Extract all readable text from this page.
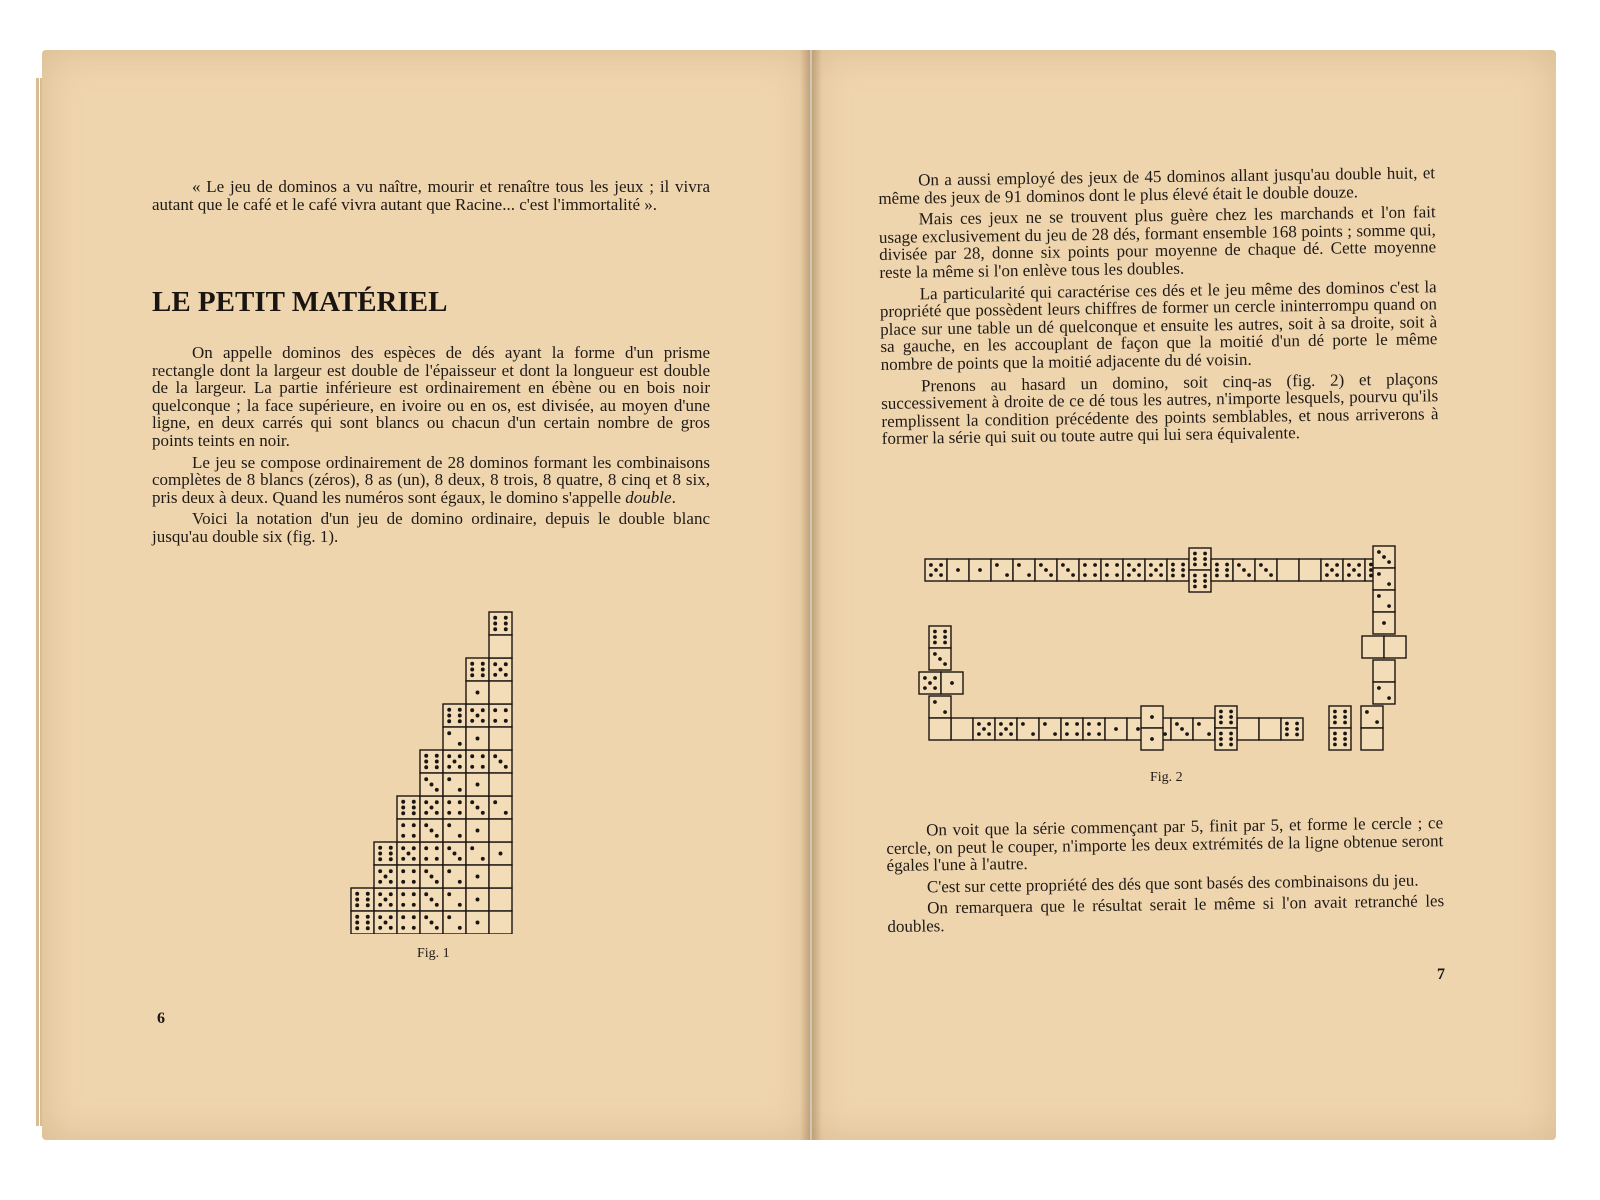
« Le jeu de dominos a vu naître, mourir et renaître tous les jeux ; il vivra autant que le café et le café vivra autant que Racine... c'est l'immortalité ».

LE PETIT MATÉRIEL

On appelle dominos des espèces de dés ayant la forme d'un prisme rectangle dont la largeur est double de l'épaisseur et dont la longueur est double de la largeur. La partie inférieure est ordinairement en ébène ou en bois noir quelconque ; la face supérieure, en ivoire ou en os, est divisée, au moyen d'une ligne, en deux carrés qui sont blancs ou chacun d'un certain nombre de gros points teints en noir.

Le jeu se compose ordinairement de 28 dominos formant les combinaisons complètes de 8 blancs (zéros), 8 as (un), 8 deux, 8 trois, 8 quatre, 8 cinq et 8 six, pris deux à deux. Quand les numéros sont égaux, le domino s'appelle double.

Voici la notation d'un jeu de domino ordinaire, depuis le double blanc jusqu'au double six (fig. 1).

Fig. 1
6

On a aussi employé des jeux de 45 dominos allant jusqu'au double huit, et même des jeux de 91 dominos dont le plus élevé était le double douze.

Mais ces jeux ne se trouvent plus guère chez les marchands et l'on fait usage exclusivement du jeu de 28 dés, formant ensemble 168 points ; somme qui, divisée par 28, donne six points pour moyenne de chaque dé. Cette moyenne reste la même si l'on enlève tous les doubles.

La particularité qui caractérise ces dés et le jeu même des dominos c'est la propriété que possèdent leurs chiffres de former un cercle ininterrompu quand on place sur une table un dé quelconque et ensuite les autres, soit à sa droite, soit à sa gauche, en les accouplant de façon que la moitié d'un dé porte le même nombre de points que la moitié adjacente du dé voisin.

Prenons au hasard un domino, soit cinq-as (fig. 2) et plaçons successivement à droite de ce dé tous les autres, n'importe lesquels, pourvu qu'ils remplissent la condition précédente des points semblables, et nous arriverons à former la série qui suit ou toute autre qui lui sera équivalente.

Fig. 2

On voit que la série commençant par 5, finit par 5, et forme le cercle ; ce cercle, on peut le couper, n'importe les deux extrémités de la ligne obtenue seront égales l'une à l'autre.

C'est sur cette propriété des dés que sont basés des combinaisons du jeu.

On remarquera que le résultat serait le même si l'on avait retranché les doubles.

7
